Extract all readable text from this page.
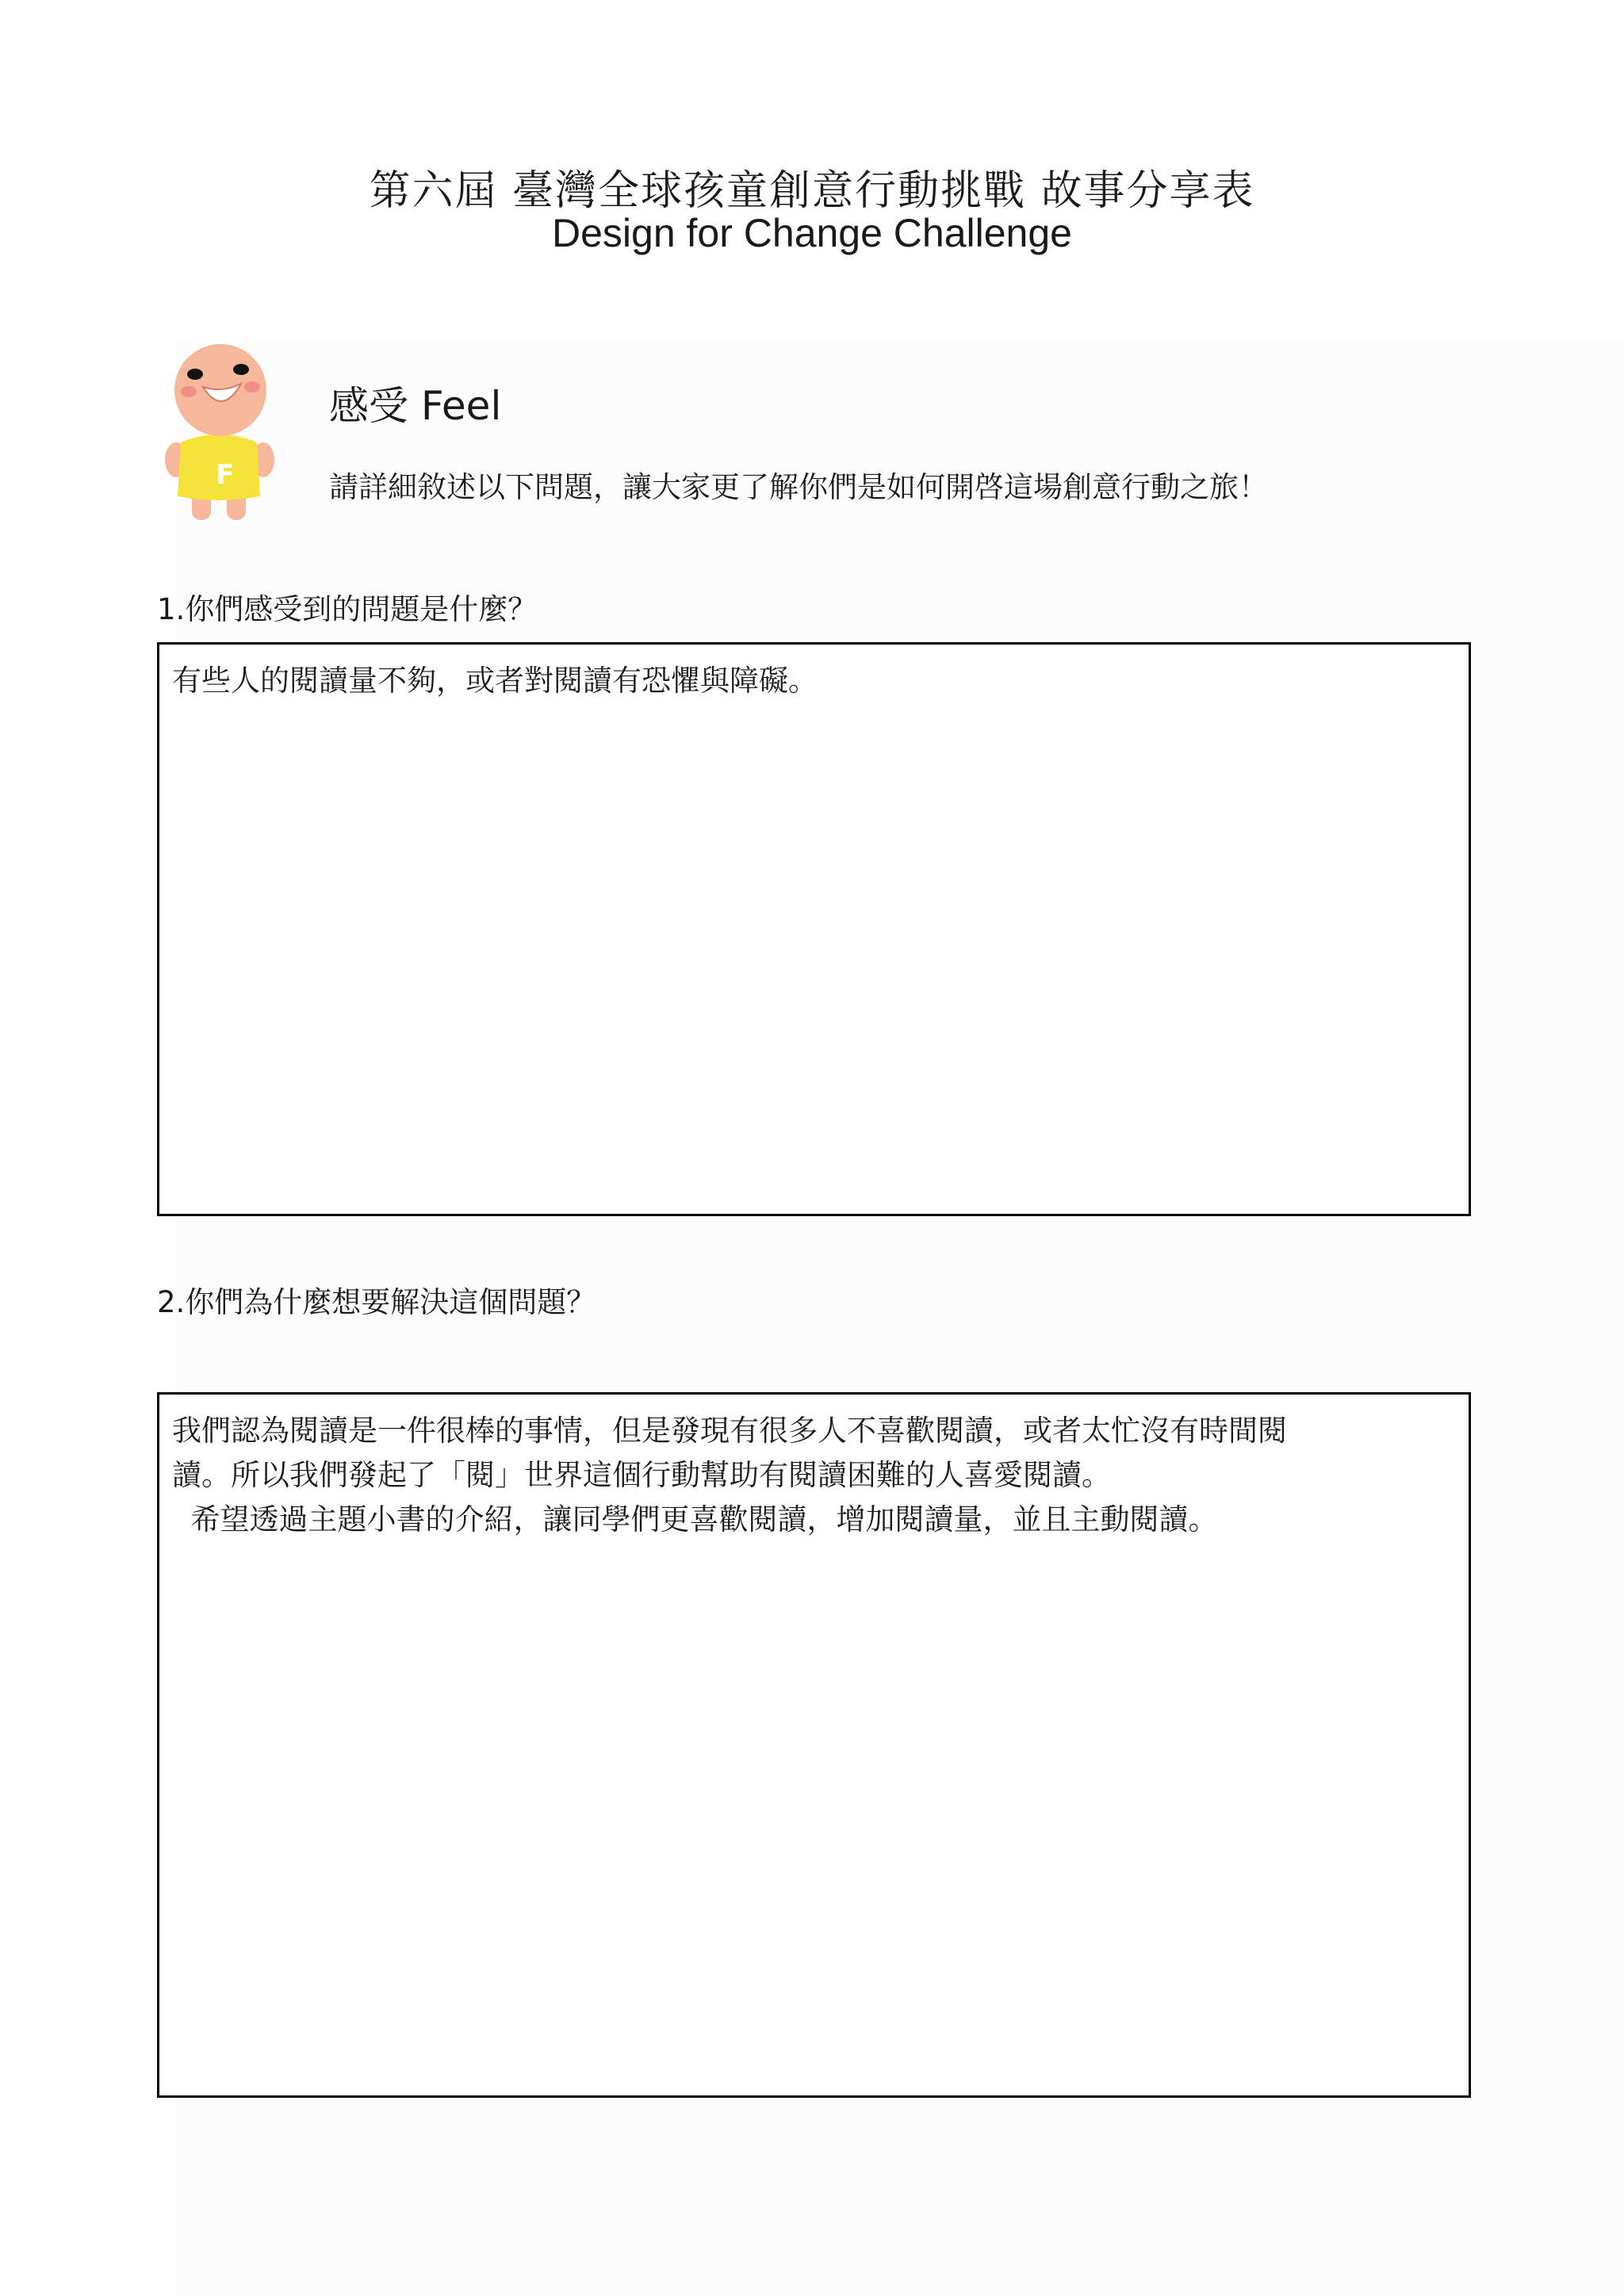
第六屆 臺灣全球孩童創意行動挑戰 故事分享表
Design for Change Challenge
F
感受 Feel
請詳細敘述以下問題，讓大家更了解你們是如何開啓這場創意行動之旅！
1.你們感受到的問題是什麼？
有些人的閱讀量不夠，或者對閱讀有恐懼與障礙。
2.你們為什麼想要解決這個問題？
我們認為閱讀是一件很棒的事情，但是發現有很多人不喜歡閱讀，或者太忙沒有時間閱
讀。所以我們發起了「閱」世界這個行動幫助有閱讀困難的人喜愛閱讀。
希望透過主題小書的介紹，讓同學們更喜歡閱讀，增加閱讀量，並且主動閱讀。
